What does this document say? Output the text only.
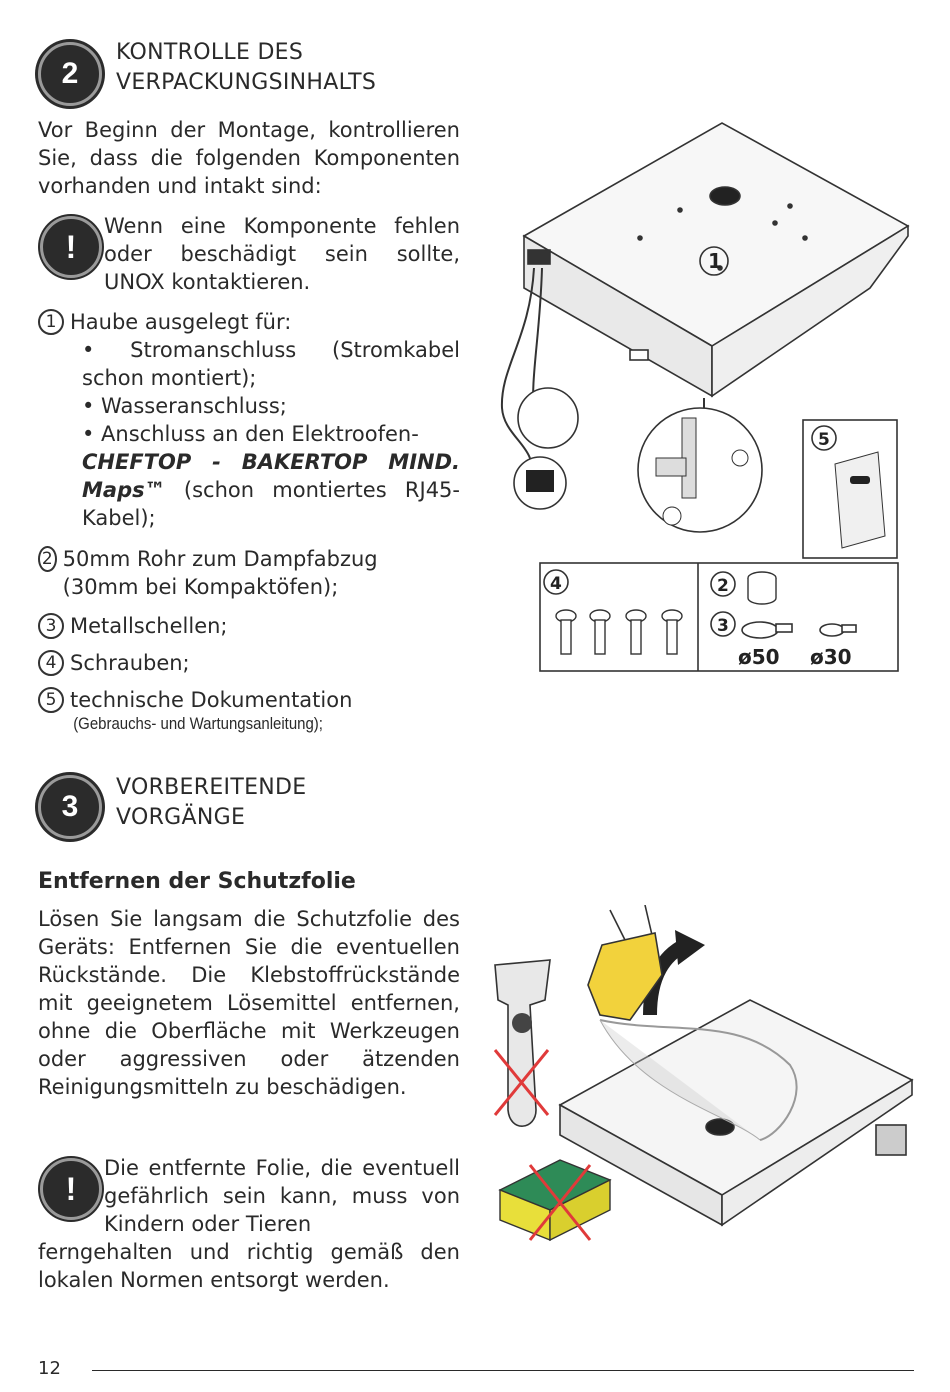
2
KONTROLLE DES
VERPACKUNGSINHALTS
Vor Beginn der Montage, kontrollieren Sie, dass die folgenden Komponenten vorhanden und intakt sind:
!
Wenn eine Komponente fehlen oder beschädigt sein sollte, UNOX kontaktieren.
1 Haube ausgelegt für:
• Stromanschluss (Stromkabel schon montiert);
• Wasseranschluss;
• Anschluss an den Elektroofen-
CHEFTOP - BAKERTOP MIND. Maps™ (schon montiertes RJ45-Kabel);
2 50mm Rohr zum Dampfabzug (30mm bei Kompaktöfen);
3 Metallschellen;
4 Schrauben;
5 technische Dokumentation
(Gebrauchs- und Wartungsanleitung);
1
5
4	2
3
ø50 ø30
3
VORBEREITENDE
VORGÄNGE
Entfernen der Schutzfolie
Lösen Sie langsam die Schutzfolie des Geräts: Entfernen Sie die eventuellen Rückstände. Die Klebstoffrückstände mit geeignetem Lösemittel entfernen, ohne die Oberfläche mit Werkzeugen oder aggressiven oder ätzenden Reinigungsmitteln zu beschädigen.
!
Die entfernte Folie, die eventuell gefährlich sein kann, muss von Kindern oder Tieren
ferngehalten und richtig gemäß den lokalen Normen entsorgt werden.
12
